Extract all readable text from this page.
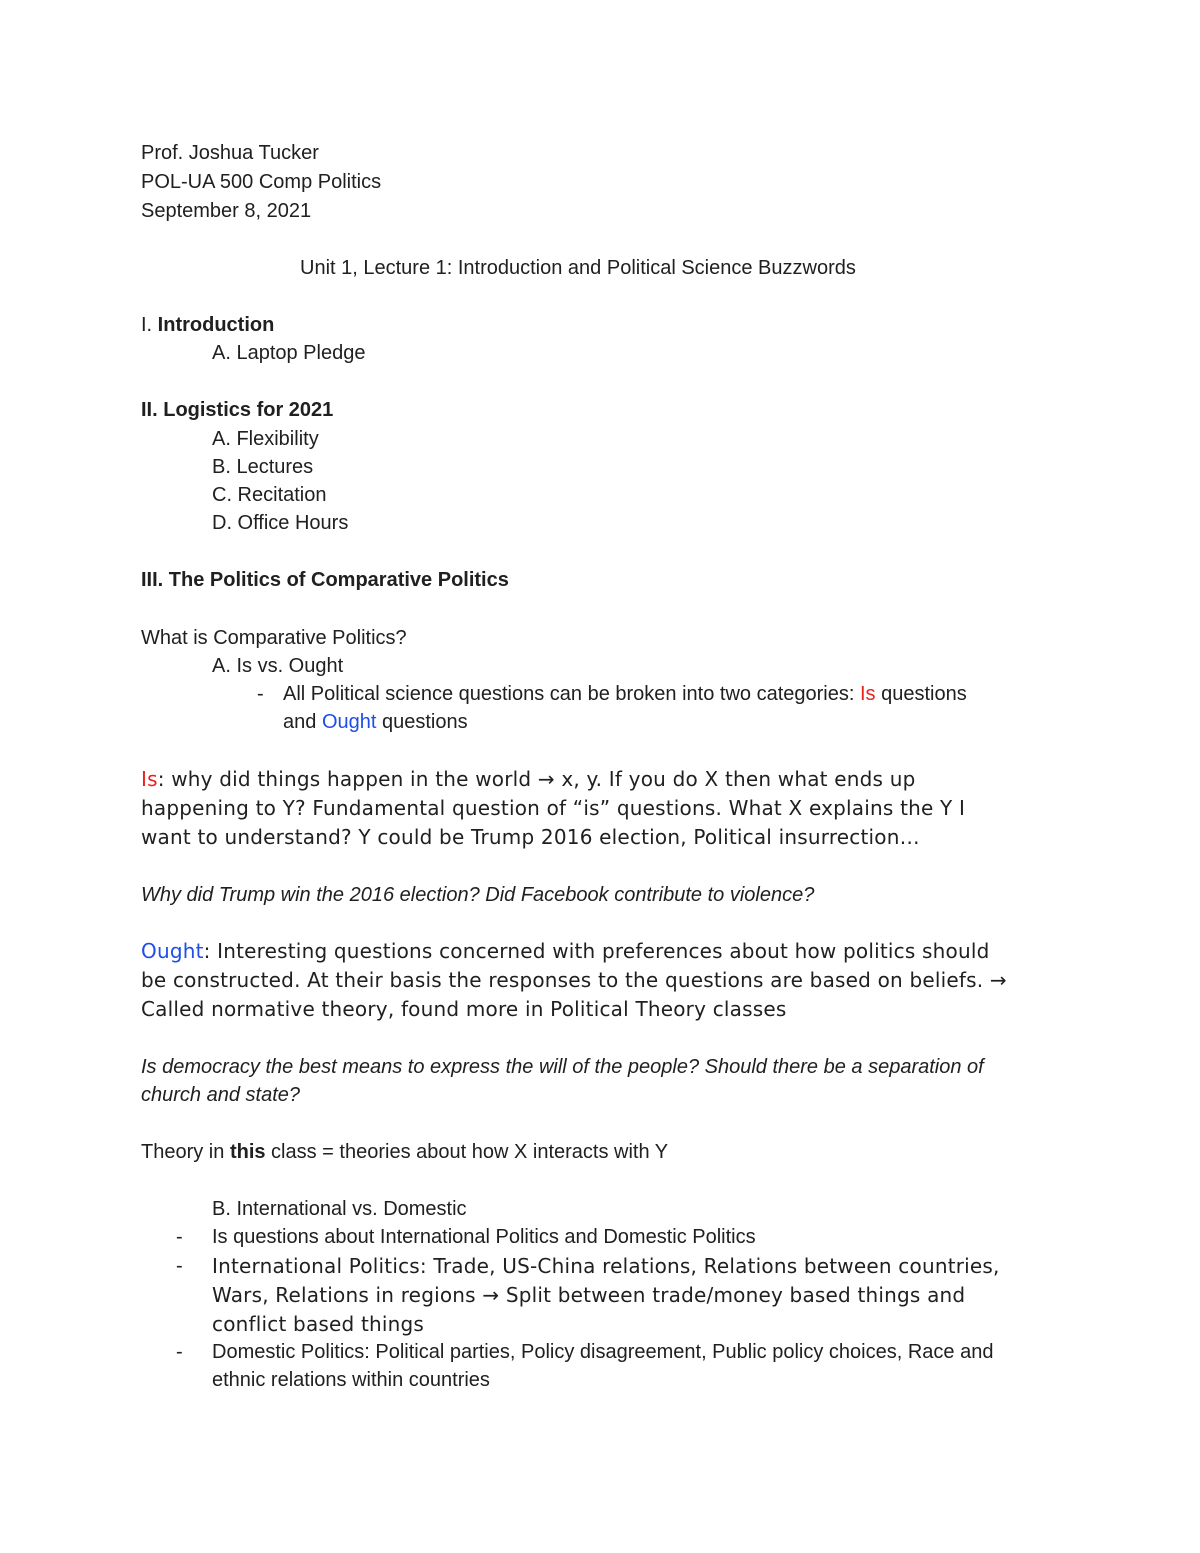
Prof. Joshua Tucker
POL-UA 500 Comp Politics
September 8, 2021
Unit 1, Lecture 1: Introduction and Political Science Buzzwords
I. Introduction
A. Laptop Pledge
II. Logistics for 2021
A. Flexibility
B. Lectures
C. Recitation
D. Office Hours
III. The Politics of Comparative Politics
What is Comparative Politics?
A. Is vs. Ought
- All Political science questions can be broken into two categories: Is questions
and Ought questions
Is: why did things happen in the world → x, y. If you do X then what ends up
happening to Y? Fundamental question of “is” questions. What X explains the Y I
want to understand? Y could be Trump 2016 election, Political insurrection…
Why did Trump win the 2016 election? Did Facebook contribute to violence?
Ought: Interesting questions concerned with preferences about how politics should
be constructed. At their basis the responses to the questions are based on beliefs. →
Called normative theory, found more in Political Theory classes
Is democracy the best means to express the will of the people? Should there be a separation of
church and state?
Theory in this class = theories about how X interacts with Y
B. International vs. Domestic
- Is questions about International Politics and Domestic Politics
- International Politics: Trade, US-China relations, Relations between countries,
Wars, Relations in regions → Split between trade/money based things and
conflict based things
- Domestic Politics: Political parties, Policy disagreement, Public policy choices, Race and
ethnic relations within countries
